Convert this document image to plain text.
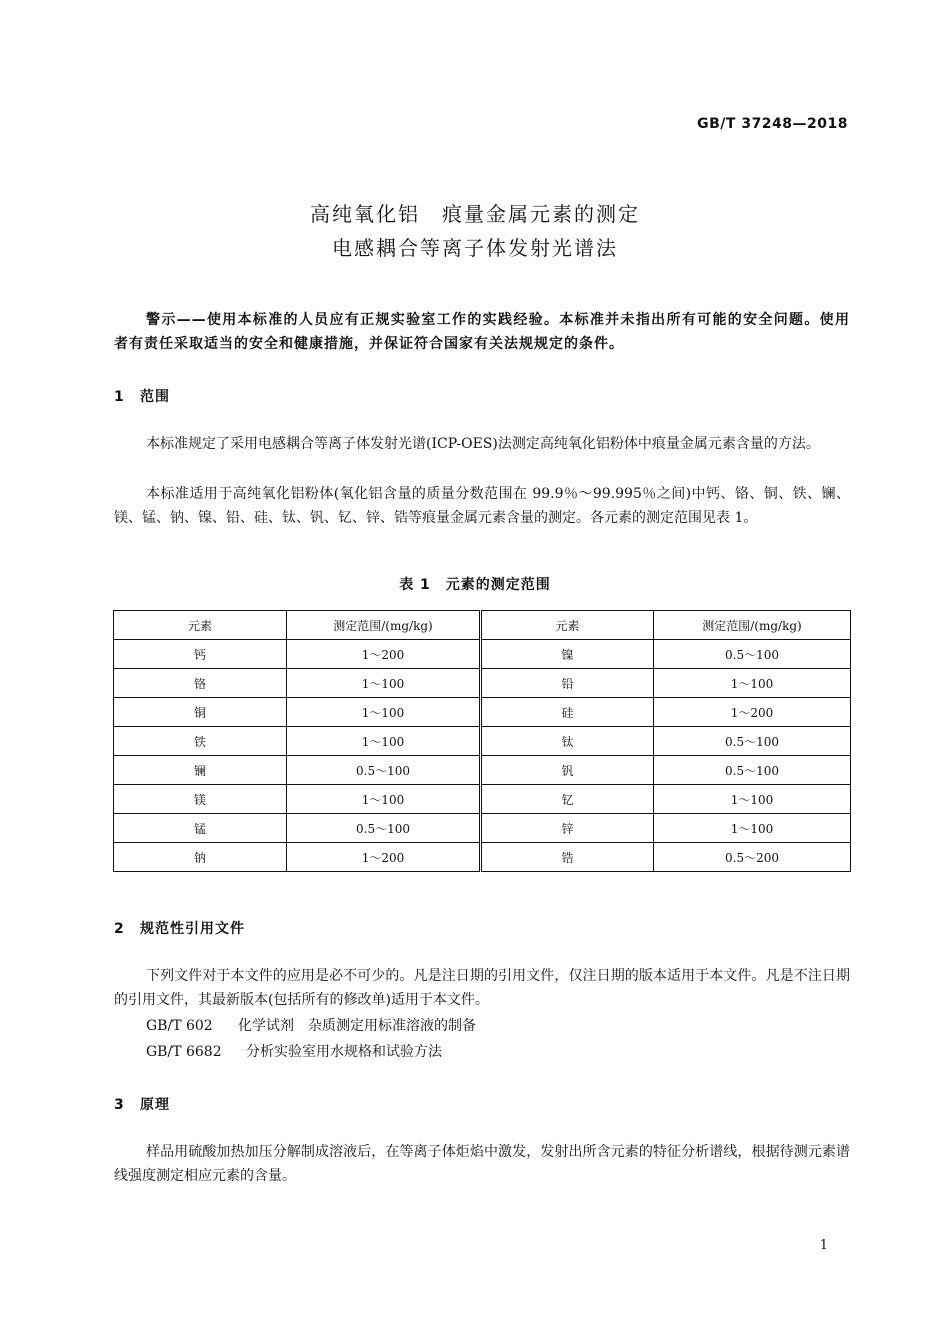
GB/T 37248—2018
高纯氧化铝　痕量金属元素的测定
电感耦合等离子体发射光谱法

警示——使用本标准的人员应有正规实验室工作的实践经验。本标准并未指出所有可能的安全问题。使用者有责任采取适当的安全和健康措施，并保证符合国家有关法规规定的条件。

1 范围

本标准规定了采用电感耦合等离子体发射光谱(ICP-OES)法测定高纯氧化铝粉体中痕量金属元素含量的方法。

本标准适用于高纯氧化铝粉体(氧化铝含量的质量分数范围在 99.9％～99.995％之间)中钙、铬、铜、铁、镧、镁、锰、钠、镍、铅、硅、钛、钒、钇、锌、锆等痕量金属元素含量的测定。各元素的测定范围见表 1。

表 1　元素的测定范围
元素	测定范围/(mg/kg)	元素	测定范围/(mg/kg)
钙	1～200	镍	0.5～100
铬	1～100	铅	1～100
铜	1～100	硅	1～200
铁	1～100	钛	0.5～100
镧	0.5～100	钒	0.5～100
镁	1～100	钇	1～100
锰	0.5～100	锌	1～100
钠	1～200	锆	0.5～200
2 规范性引用文件

下列文件对于本文件的应用是必不可少的。凡是注日期的引用文件，仅注日期的版本适用于本文件。凡是不注日期的引用文件，其最新版本(包括所有的修改单)适用于本文件。

GB/T 602 化学试剂　杂质测定用标准溶液的制备
GB/T 6682 分析实验室用水规格和试验方法
3 原理

样品用硫酸加热加压分解制成溶液后，在等离子体炬焰中激发，发射出所含元素的特征分析谱线，根据待测元素谱线强度测定相应元素的含量。

1
